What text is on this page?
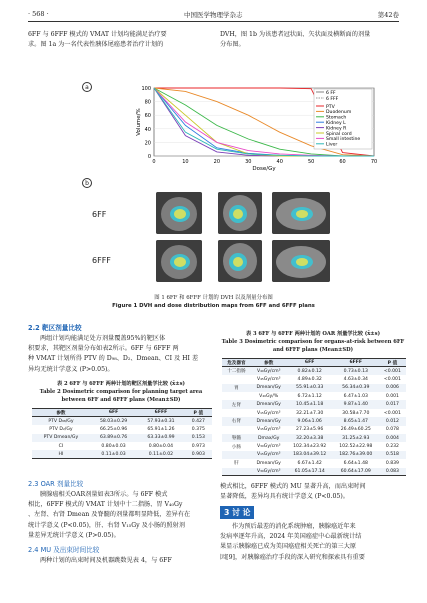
· 568 ·	中国医学物理学杂志	第42卷
6FF 与 6FFF 模式的 VMAT 计划均能满足治疗要
求。图 1a 为一名代表性胰体尾癌患者治疗计划的
DVH，图 1b 为该患者冠状面、矢状面及横断面的剂量
分布图。
a
0
20
40
60
80
100
0	10	20	30	40	50	60	70
Dose/Gy
Volume/%
6 FF
6 FFF
PTV
Duodenum
Stomach
Kidney L
Kidney R
Spinal cord
Small intestine
Liver
b
6FF
6FFF
图 1 6FF 和 6FFF 计划的 DVH 以及剂量分布图
Figure 1 DVH and dose distribution maps from 6FF and 6FFF plans
2.2 靶区剂量比较
两组计划均能满足处方剂量覆盖95%的靶区体
积要求，其靶区剂量分布如表2所示。6FF 与 6FFF 两
种 VMAT 计划所得 PTV 的 D₉₈、D₂、Dmean、CI 及 HI 差
异均无统计学意义 (P>0.05)。
表 2 6FF 与 6FFF 两种计划的靶区剂量学比较 (x̄±s)
Table 2 Dosimetric comparison for planning target area
between 6FF and 6FFF plans (Mean±SD)
参数	6FF	6FFF	P 值
PTV D₉₈/Gy	58.03±0.29	57.93±0.31	0.427
PTV D₂/Gy	66.25±0.96	65.91±1.26	0.375
PTV Dmean/Gy	63.89±0.76	63.33±0.99	0.153
CI	0.80±0.03	0.80±0.04	0.973
HI	0.11±0.03	0.11±0.02	0.903
2.3 OAR 剂量比较
胰腺癌相关OAR剂量如表3所示。与 6FF 模式
相比，6FFF 模式的 VMAT 计划中十二指肠、胃 V₄₀Gy
、左肾、右肾 Dmean 及脊髓的剂量都明显降低，差异有在
统计学意义 (P<0.05)，肝、右肾 V₁₅Gy 及小肠的照射剂
量差异无统计学意义 (P>0.05)。
2.4 MU 及出束时间比较
两种计划的出束时间及机器跳数见表 4，与 6FF
表 3 6FF 与 6FFF 两种计划的 OAR 剂量学比较 (x̄±s)
Table 3 Dosimetric comparison for organs-at-risk between 6FF
and 6FFF plans (Mean±SD)
危及器官	参数	6FF	6FFF	P 值
十二指肠	V₄₀Gy/cm³	0.82±0.12	0.73±0.13	<0.001
	V₄₅Gy/cm³	4.89±0.32	4.63±0.34	<0.001
胃	Dmean/Gy	55.91±0.33	56.34±0.39	0.006
	V₄₀Gy/%	6.72±1.12	6.47±1.03	0.001
左肾	Dmean/Gy	10.45±1.18	9.87±1.40	0.017
	V₁₅Gy/cm³	32.21±7.30	30.58±7.70	<0.001
右肾	Dmean/Gy	9.06±1.06	8.65±1.47	0.012
	V₁₅Gy/cm³	27.23±5.96	26.49±60.25	0.078
脊髓	Dmax/Gy	32.20±3.38	31.25±2.93	0.004
小肠	V₃₀Gy/cm³	102.34±23.92	102.52±22.98	0.232
	V₁₅Gy/cm³	183.04±39.12	182.76±39.00	0.518
肝	Dmean/Gy	6.67±1.42	6.64±1.48	0.839
	V₃₀Gy/cm³	61.05±17.14	60.64±17.09	0.083
模式相比，6FFF 模式的 MU 显著升高，而出束时间
显著降低，差异均具有统计学意义 (P<0.05)。
3 讨 论
作为预后最差的消化系统肿瘤，胰腺癌近年来
发病率逐年升高，2024 年美国癌症中心最新统计结
果显示胰腺癌已成为美国癌症相关死亡的第三大原
因[9]，对胰腺癌治疗手段的深入研究和探索具有重要
